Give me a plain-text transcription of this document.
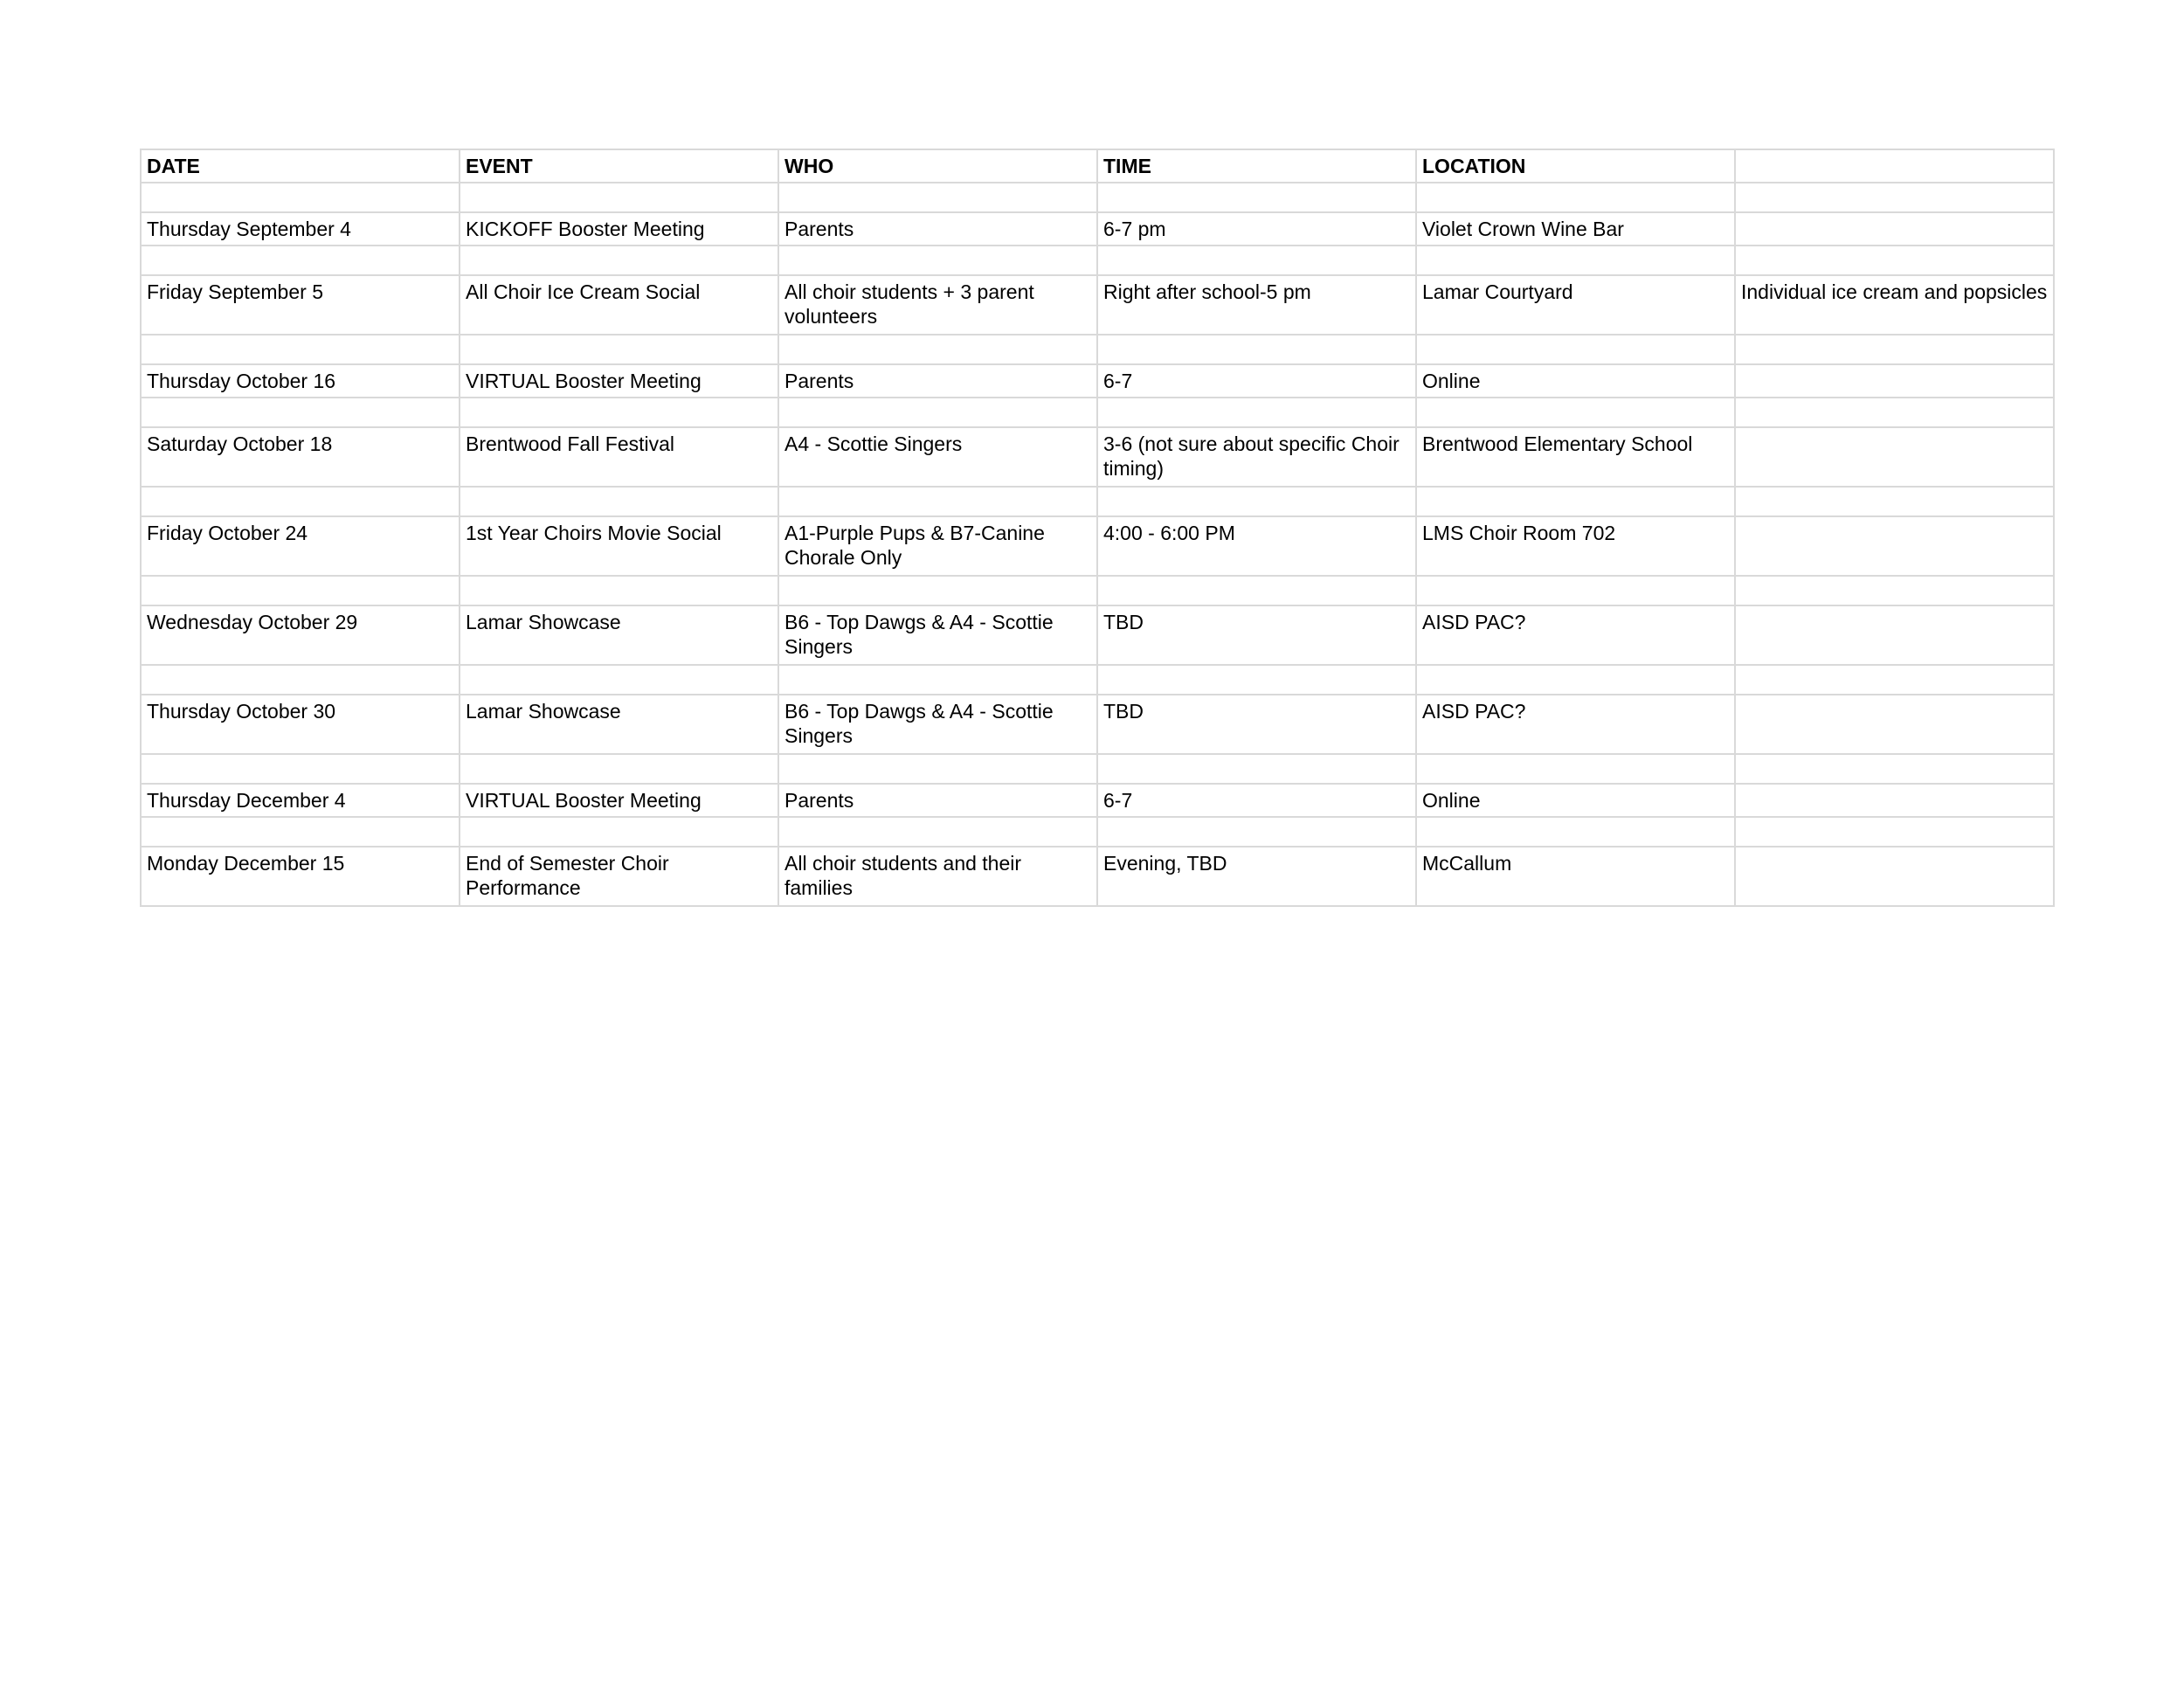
DATE	EVENT	WHO	TIME	LOCATION	

Thursday September 4	KICKOFF Booster Meeting	Parents	6-7 pm	Violet Crown Wine Bar	

Friday September 5	All Choir Ice Cream Social	All choir students + 3 parent volunteers	Right after school-5 pm	Lamar Courtyard	Individual ice cream and popsicles

Thursday October 16	VIRTUAL Booster Meeting	Parents	6-7	Online	

Saturday October 18	Brentwood Fall Festival	A4 - Scottie Singers	3-6 (not sure about specific Choir timing)	Brentwood Elementary School	

Friday October 24	1st Year Choirs Movie Social	A1-Purple Pups & B7-Canine Chorale Only	4:00 - 6:00 PM	LMS Choir Room 702	

Wednesday October 29	Lamar Showcase	B6 - Top Dawgs & A4 - Scottie Singers	TBD	AISD PAC?	

Thursday October 30	Lamar Showcase	B6 - Top Dawgs & A4 - Scottie Singers	TBD	AISD PAC?	

Thursday December 4	VIRTUAL Booster Meeting	Parents	6-7	Online	

Monday December 15	End of Semester Choir Performance	All choir students and their families	Evening, TBD	McCallum	
